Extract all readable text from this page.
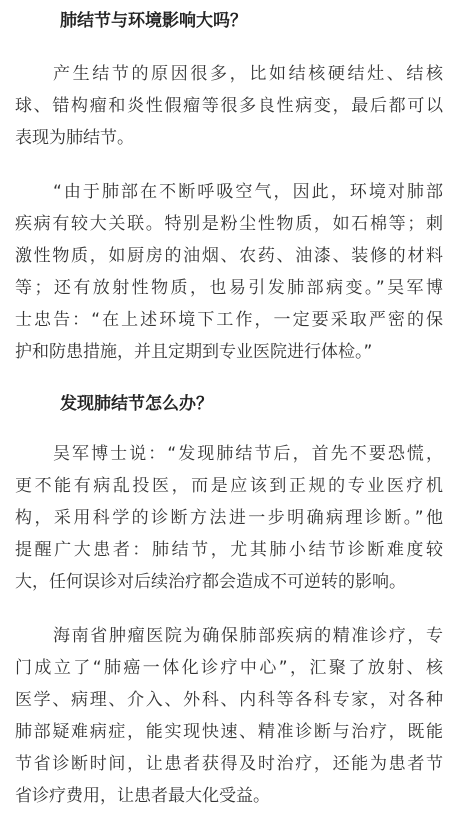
肺结节与环境影响大吗？
产生结节的原因很多，比如结核硬结灶、结核
球、错构瘤和炎性假瘤等很多良性病变，最后都可以
表现为肺结节。
“由于肺部在不断呼吸空气，因此，环境对肺部
疾病有较大关联。特别是粉尘性物质，如石棉等；刺
激性物质，如厨房的油烟、农药、油漆、装修的材料
等；还有放射性物质，也易引发肺部病变。”吴军博
士忠告：“在上述环境下工作，一定要采取严密的保
护和防患措施，并且定期到专业医院进行体检。”
发现肺结节怎么办？
吴军博士说：“发现肺结节后，首先不要恐慌，
更不能有病乱投医，而是应该到正规的专业医疗机
构，采用科学的诊断方法进一步明确病理诊断。”他
提醒广大患者：肺结节，尤其肺小结节诊断难度较
大，任何误诊对后续治疗都会造成不可逆转的影响。
海南省肿瘤医院为确保肺部疾病的精准诊疗，专
门成立了“肺癌一体化诊疗中心”，汇聚了放射、核
医学、病理、介入、外科、内科等各科专家，对各种
肺部疑难病症，能实现快速、精准诊断与治疗，既能
节省诊断时间，让患者获得及时治疗，还能为患者节
省诊疗费用，让患者最大化受益。
